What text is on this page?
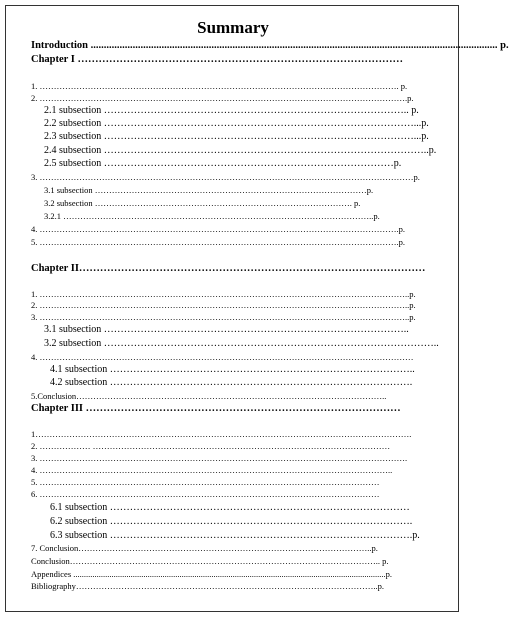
Summary
Introduction ........................................................................................................................................................... p.
Chapter I …………………………………………………………………………………
1. ………………………………………………………………………………………………………………. p.
2. ………………………………………………………………………………………………………………….p.
2.1 subsection ……………………………………………………………………………….. p.
2.2 subsection …………………………………………………………………………………...p.
2.3 subsection …………………………………………………………………………………...p.
2.4 subsection ……………………………………………………………………………………..p.
2.5 subsection ……………………………………………………………………………p.
3. ……………………………………………………………………………………………………………………p.
3.1 subsection ……………………………………………………………………………………p.
3.2 subsection ………………………………………………………………………………. p.
3.2.1 ………………………………………………………………………………………………..p.
4. ……………………………………………………………………………………………………………….p.
5. ……………………………………………………………………………………………………………….p.
Chapter II………………………………………………………………………………………
1. …………………………………………………………………………………………………………………..p.
2. …………………………………………………………………………………………………………………..p.
3. …………………………………………………………………………………………………………………..p.
3.1 subsection ………………………………………………………………………………..
3.2 subsection ………………………………………………………………………………………..
4. ……………………………………………………………………………………………………………………
4.1 subsection ………………………………………………………………………………..
4.2 subsection ……………………………………………………………………………….
5.Conclusion………………………………………………………………………………………………..
Chapter III ………………………………………………………………………………
1…………………………………………………………………………………………………………………….
2. ……………… ……………………………………………………………………………………………
3. ………………………………………………………………………………………………………………….
4. ……………………………………………………………………………………………………………..
5. …………………………………………………………………………………………………………
6. …………………………………………………………………………………………………………
6.1 subsection ………………………………………………………………………………
6.2 subsection ……………………………………………………………………………….
6.3 subsection ……………………………………………………………………………….p.
7. Conclusion…………………………………………………………………………………………..p.
Conclusion……………………………………………………………………………………………….. p.
Appendices ...................................................................................................................................................p.
Bibliography……………………………………………………………………………………………..p.
